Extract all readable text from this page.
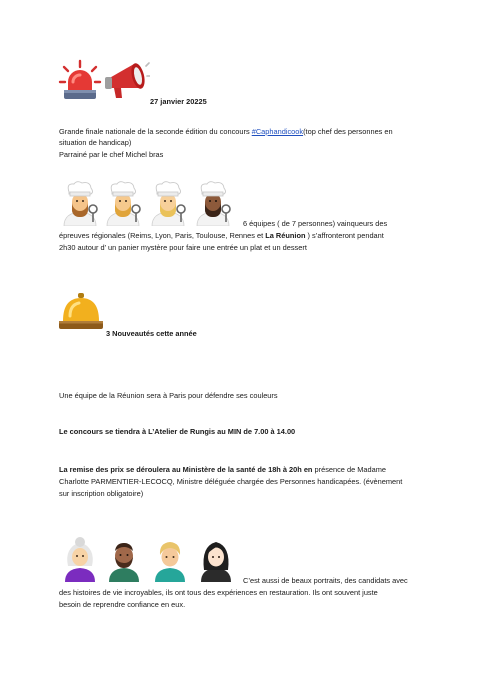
27 janvier 20225
Grande finale nationale de la seconde édition du concours #Caphandicook(top chef des personnes en
situation de handicap)
Parrainé par le chef Michel bras
6 équipes ( de 7 personnes) vainqueurs des
épreuves régionales (Reims, Lyon, Paris, Toulouse, Rennes et La Réunion ) s’affronteront pendant
2h30 autour d’ un panier mystère pour faire une entrée un plat et un dessert
3 Nouveautés cette année
Une équipe de la Réunion sera à Paris pour défendre ses couleurs
Le concours se tiendra à L’Atelier de Rungis au MIN de 7.00 à 14.00
La remise des prix se déroulera au Ministère de la santé de 18h à 20h en présence de Madame
Charlotte PARMENTIER-LECOCQ, Ministre déléguée chargée des Personnes handicapées. (évènement
sur inscription obligatoire)
C’est aussi de beaux portraits, des candidats avec
des histoires de vie incroyables, ils ont tous des expériences en restauration. Ils ont souvent juste
besoin de reprendre confiance en eux.
